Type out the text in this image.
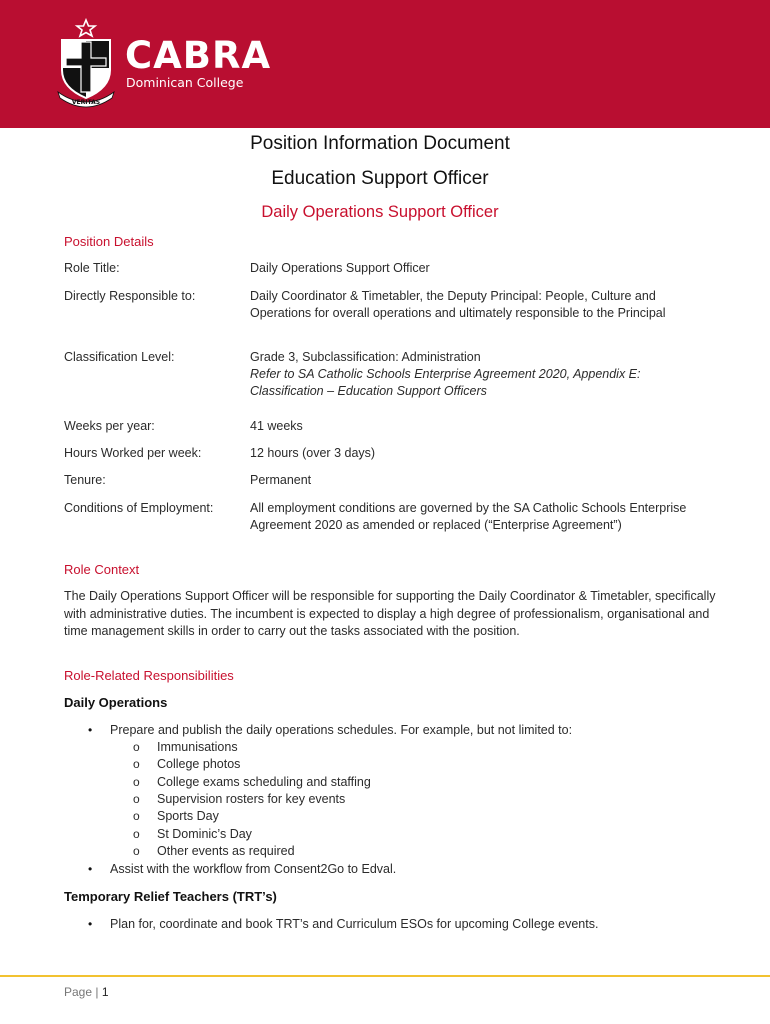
VERITAS
CABRA
Dominican College
Position Information Document
Education Support Officer
Daily Operations Support Officer
Position Details
Role Title:	Daily Operations Support Officer
Directly Responsible to:	Daily Coordinator & Timetabler, the Deputy Principal: People, Culture and Operations for overall operations and ultimately responsible to the Principal
Classification Level:	Grade 3, Subclassification: Administration
Refer to SA Catholic Schools Enterprise Agreement 2020, Appendix E: Classification – Education Support Officers
Weeks per year:	41 weeks
Hours Worked per week:	12 hours (over 3 days)
Tenure:	Permanent
Conditions of Employment:	All employment conditions are governed by the SA Catholic Schools Enterprise Agreement 2020 as amended or replaced (“Enterprise Agreement”)
Role Context
The Daily Operations Support Officer will be responsible for supporting the Daily Coordinator & Timetabler, specifically with administrative duties. The incumbent is expected to display a high degree of professionalism, organisational and time management skills in order to carry out the tasks associated with the position.
Role-Related Responsibilities
Daily Operations
• Prepare and publish the daily operations schedules. For example, but not limited to:
o Immunisations
o College photos
o College exams scheduling and staffing
o Supervision rosters for key events
o Sports Day
o St Dominic’s Day
o Other events as required
• Assist with the workflow from Consent2Go to Edval.
Temporary Relief Teachers (TRT’s)
• Plan for, coordinate and book TRT’s and Curriculum ESOs for upcoming College events.
Page | 1
